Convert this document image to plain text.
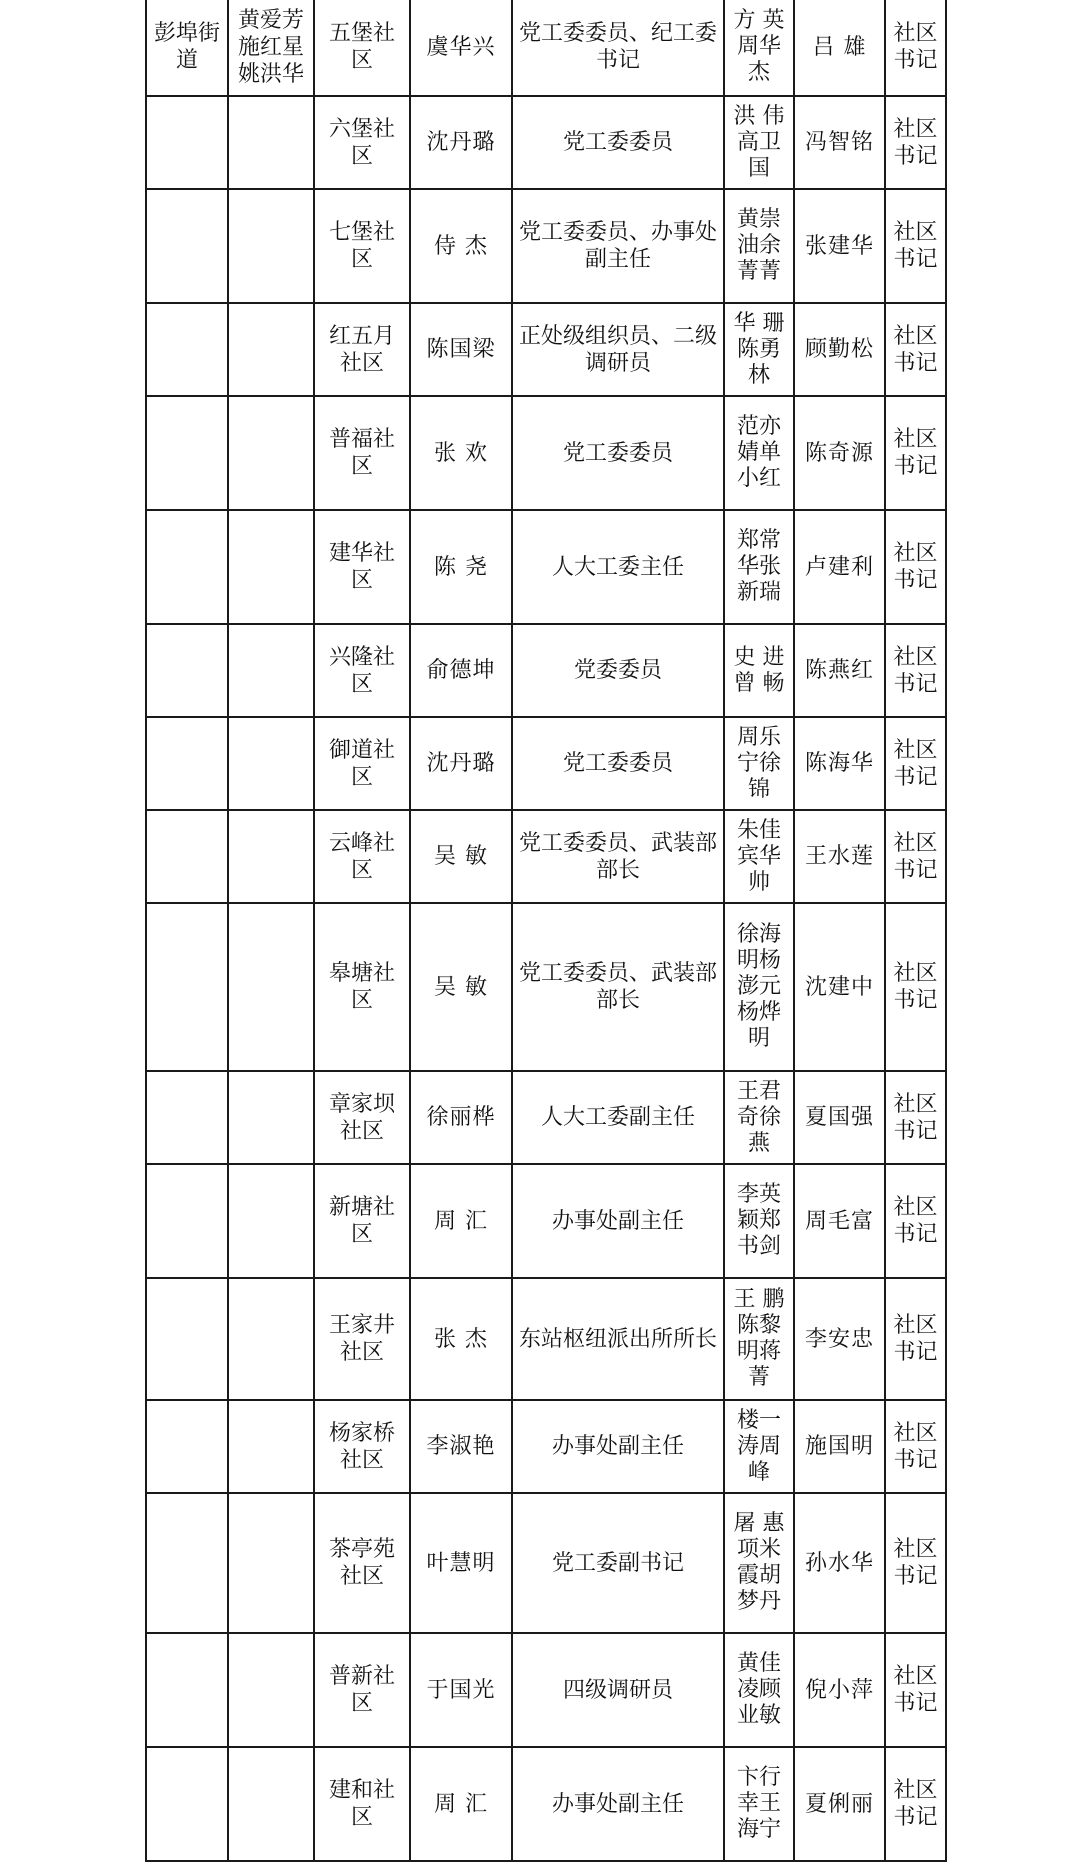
彭埠街道	黄爱芳施红星姚洪华	五堡社区	虞华兴	党工委委员、纪工委书记	方 英周华杰	吕 雄	社区书记
		六堡社区	沈丹璐	党工委委员	洪 伟高卫国	冯智铭	社区书记
		七堡社区	侍 杰	党工委委员、办事处副主任	黄崇油余菁菁	张建华	社区书记
		红五月社区	陈国梁	正处级组织员、二级调研员	华 珊陈勇林	顾勤松	社区书记
		普福社区	张 欢	党工委委员	范亦婧单小红	陈奇源	社区书记
		建华社区	陈 尧	人大工委主任	郑常华张新瑞	卢建利	社区书记
		兴隆社区	俞德坤	党委委员	史 进曾 畅	陈燕红	社区书记
		御道社区	沈丹璐	党工委委员	周乐宁徐 锦	陈海华	社区书记
		云峰社区	吴 敏	党工委委员、武装部部长	朱佳宾华 帅	王水莲	社区书记
		皋塘社区	吴 敏	党工委委员、武装部部长	徐海明杨澎元杨烨明	沈建中	社区书记
		章家坝社区	徐丽桦	人大工委副主任	王君奇徐 燕	夏国强	社区书记
		新塘社区	周 汇	办事处副主任	李英颖郑书剑	周毛富	社区书记
		王家井社区	张 杰	东站枢纽派出所所长	王 鹏陈黎明蒋 菁	李安忠	社区书记
		杨家桥社区	李淑艳	办事处副主任	楼一涛周 峰	施国明	社区书记
		茶亭苑社区	叶慧明	党工委副书记	屠 惠项米霞胡梦丹	孙水华	社区书记
		普新社区	于国光	四级调研员	黄佳凌顾业敏	倪小萍	社区书记
		建和社区	周 汇	办事处副主任	卞行幸王海宁	夏俐丽	社区书记
